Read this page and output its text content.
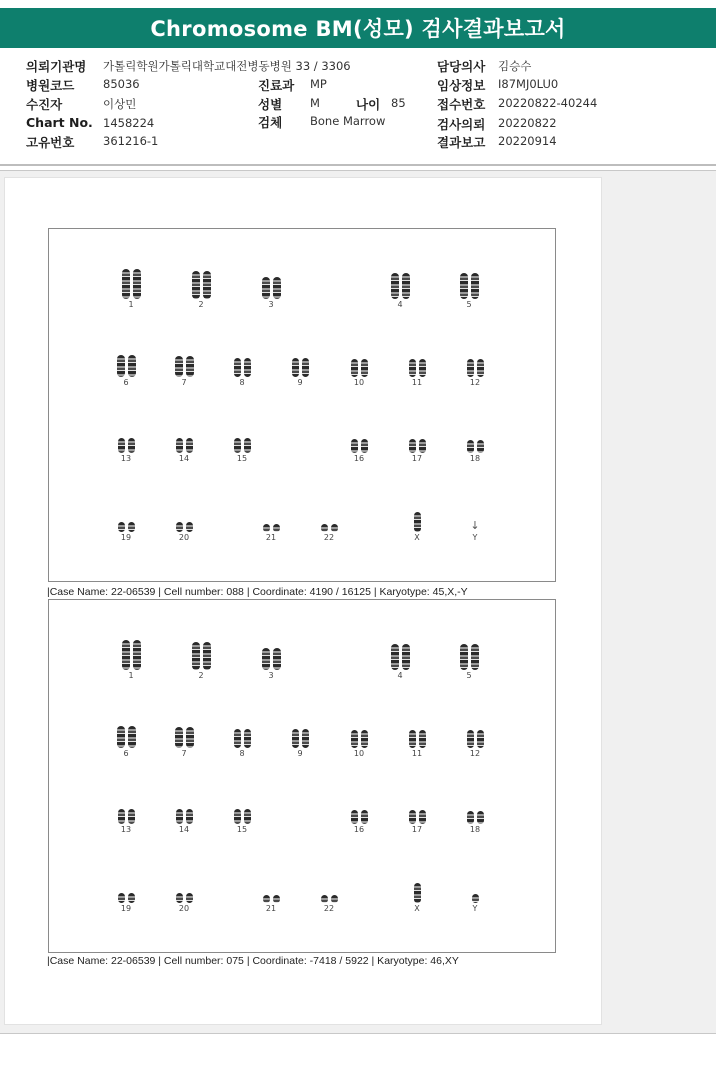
Chromosome BM(성모) 검사결과보고서
의뢰기관명 가톨릭학원가톨릭대학교대전병동병원 33 / 3306
병원코드 85036
수진자	이상민
Chart No. 1458224
고유번호 361216-1
진료과 MP
성별 M	나이 85
검체 Bone Marrow
담당의사 김승수
임상정보 I87MJ0LU0
접수번호 20220822-40244
검사의뢰 20220822
결과보고 20220914
1	2	3	4	5
6	7	8	9	10	11	12
13	14	15	16	17	18
19	20	21	22	X
↓
Y
|Case Name: 22-06539 | Cell number: 088 | Coordinate: 4190 / 16125 | Karyotype: 45,X,-Y
1	2	3	4	5
6	7	8	9	10	11	12
13	14	15	16	17	18
19	20	21	22	X	Y
|Case Name: 22-06539 | Cell number: 075 | Coordinate: -7418 / 5922 | Karyotype: 46,XY
